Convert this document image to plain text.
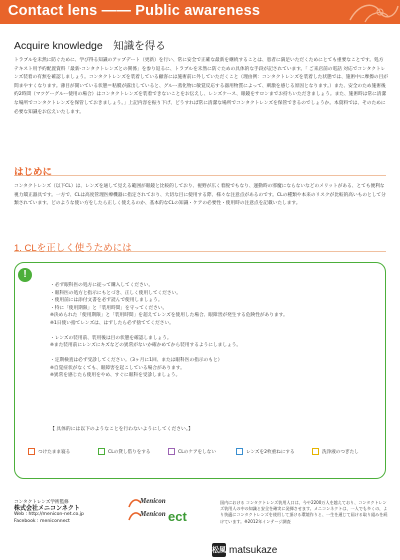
Contact lens —— Public awareness
Acquire knowledge　知識を得る

トラブルを未然に防ぐために、学び得る知識のアップデート（更新）を行い、常に安全で正確な最新を継続することは、患者に満足いただくためにとても重要なことです。処方テキスト用予約配置資料「最新-コンタクトレンズとの関係」を参り返るに、トラブルを未然に防ぐための具体的な手段が記されています。「 ご来店前の電話 対応でコンタクトレンズ装着の有無を確認しましょう。コンタクトレンズを装着している顧客には施術前に外していただくこと（理由例：コンタクトレンズを装着した状態では、施術中に摩擦の目が問まやすくなります。薄目が開いている状態＝粘膜が露出していると、グルー蒸化物に敏覚反応する器用物質によって、刺激を感じる原因となります。）また、安全のため施術後約2時間（マツゲーグルー使用の場合）はコンタクトレンズを装着できないことをお伝えし、レンズケース、眼鏡をサロンまでお持ちいただきましょう。また、施術時は常に清潔な場所でコンタクトレンズを保管しておきましょう。」上記内容を振り下げ、どうすれば常に清潔な場所でコンタクトレンズを保管できるのでしょうか。本資料では、そのために必要な知識をお伝えいたします。

はじめに

コンタクトレンズ（以下CL）は、レンズを通して見える範囲が眼鏡と比較的しており、視野が広く着脱でもなり、運動時の邪魔にならないなどのメリットがある、とても便利な視力矯正器具です。一方で、CLは高度管理医療機器に指定されており、大切な目に使用する際、様々な注意点があるのです。CLの種類や本来のリスクが比較的高いものとして分類されています。どのような使い方をしたら正しく使えるのか、基本的なCLの知識・ケアの必要性・使用時の注意点を記載いたします。

1. CLを正しく使うためには
!
・必ず眼科医の処方に従って購入してください。
・眼科医の処方と指示にもとづき、正しく使用してください。
・使用前には添付文書を必ず読んで使用しましょう。
・特に「使用期限」と「装用時間」を守ってください。
※決められた「使用期限」と「装用時間」を超えてレンズを使用した場合、眼障害が発生する危険性があります。
※1日使い捨てレンズは、はずしたら必ず捨ててください。
・レンズの装用前、装用後は目の状態を確認しましょう。
※また装用前にレンズにキズなどの異常がないか確かめてから装用するようにしましょう。
・定期検査は必ず受診してください。（3ヶ月に1回、または眼科医の指示のもと）
※自覚症状がなくても、眼障害を起こしている場合があります。
※異常を感じたら使用をやめ、すぐに眼科を受診しましょう。
【 具体的には以下のようなことを行わないようにしてください。】
つけたまま寝る	CLの貸し借りをする	CLのケアをしない	レンズを2枚重ねにする	洗浄液のつぎたし
コンタクトレンズ学術監修
株式会社メニコンネクト
Web : http://menicon-net.co.jp
Facebook : meniconnect
Menicon
Menicon ect

国内における コンタクトレンズ装用人口は、今や2200万人を越えており、コンタクトレンズ装用人の中の知識と安全を確実に発揮させます。メニコンネクトは、一人でも多くの、より快適にコンタクトレンズを使用して頂ける環境作りと、一生を通じて届ける取り組みを続けています。※2012年インテージ調査

松風 matsukaze
